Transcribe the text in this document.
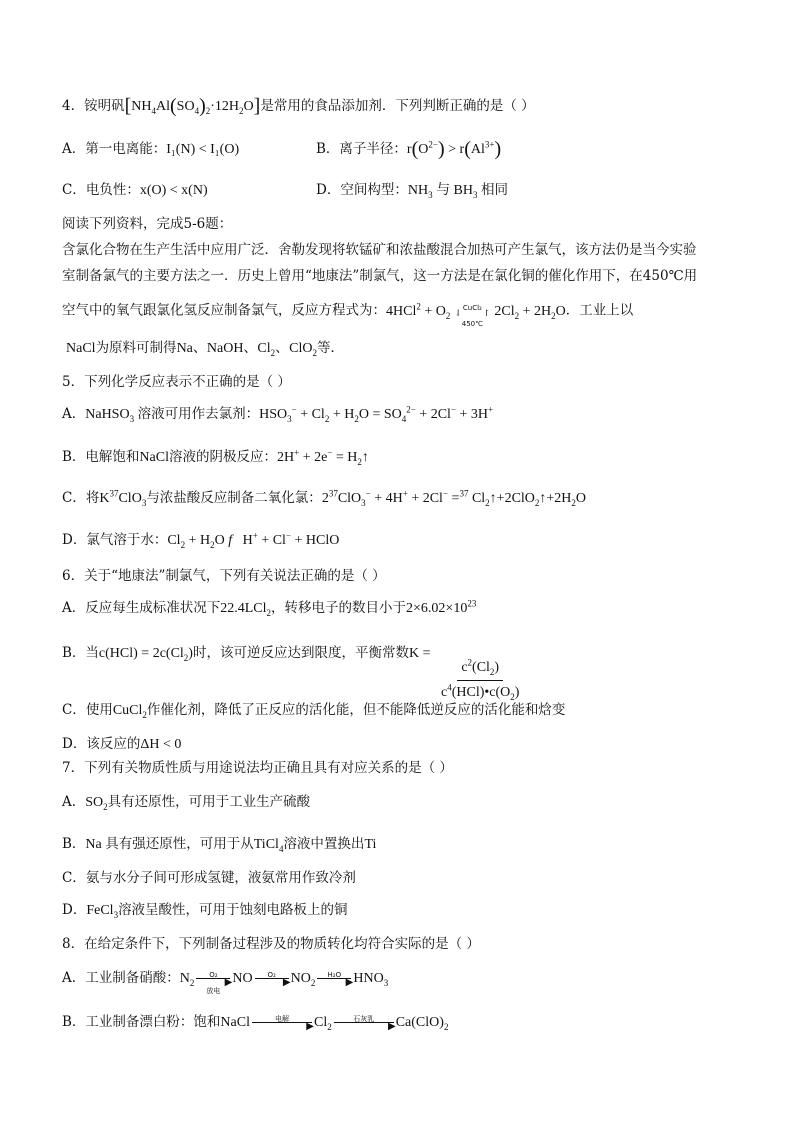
4．铵明矾$[NH_4Al(SO_4)_2\cdot 12H_2O]$是常用的食品添加剂．下列判断正确的是（ ）
A．第一电离能：I₁(N) < I₁(O)	B．离子半径：$r(O^{2-}) > r(Al^{3+})$
C．电负性：x(O) < x(N)	D．空间构型：$NH_3$ 与 $BH_3$ 相同
阅读下列资料，完成5-6题：
含氯化合物在生产生活中应用广泛．舍勒发现将软锰矿和浓盐酸混合加热可产生氯气，该方法仍是当今实验
室制备氯气的主要方法之一．历史上曾用“地康法”制氯气，这一方法是在氯化铜的催化作用下，在450℃用
空气中的氧气跟氯化氢反应制备氯气，反应方程式为：$4HCl^2 + O_2$
CuCl₂
⇃ ↾
450℃
$2Cl_2 + 2H_2O$．工业上以
NaCl为原料可制得Na、NaOH、$Cl_2$、ClO$_2$等．
5．下列化学反应表示不正确的是（ ）
A．NaHSO$_3$ 溶液可用作去氯剂：$HSO_3^- + Cl_2 + H_2O = SO_4^{2-} + 2Cl^- + 3H^+$
B．电解饱和NaCl溶液的阴极反应：$2H^+ + 2e^- = H_2↑$
C．将$K^{37}ClO_3$与浓盐酸反应制备二氧化氯：$2^{37}ClO_3^- + 4H^+ + 2Cl^- =^{37}$ $Cl_2↑+2ClO_2↑+2H_2O$
D．氯气溶于水：$Cl_2 + H_2O$ f   H+ + Cl− + HClO
6．关于“地康法”制氯气，下列有关说法正确的是（ ）
A．反应每生成标准状况下22.4LCl$_2$，转移电子的数目小于$2\times 6.02\times 10^{23}$
B．当$c(HCl) = 2c(Cl_2)$时，该可逆反应达到限度，平衡常数K =
$\frac{c^2(Cl_2)}{c^4(HCl)•c(O_2)}$
C．使用CuCl$_2$作催化剂，降低了正反应的活化能，但不能降低逆反应的活化能和焓变
D．该反应的ΔH < 0
7．下列有关物质性质与用途说法均正确且具有对应关系的是（ ）
A．$SO_2$具有还原性，可用于工业生产硫酸
B．Na 具有强还原性，可用于从TiCl$_4$溶液中置换出Ti
C．氨与水分子间可形成氢键，液氨常用作致冷剂
D．FeCl$_3$溶液呈酸性，可用于蚀刻电路板上的铜
8．在给定条件下，下列制备过程涉及的物质转化均符合实际的是（ ）
A．工业制备硝酸：$N_2$
O₂
▶
放电
NO	O₂
▶ $NO_2$
H₂O
▶ $HNO_3$
B．工业制备漂白粉：饱和NaCl	电解
▶ $Cl_2$
石灰乳
▶ $Ca(ClO)_2$
